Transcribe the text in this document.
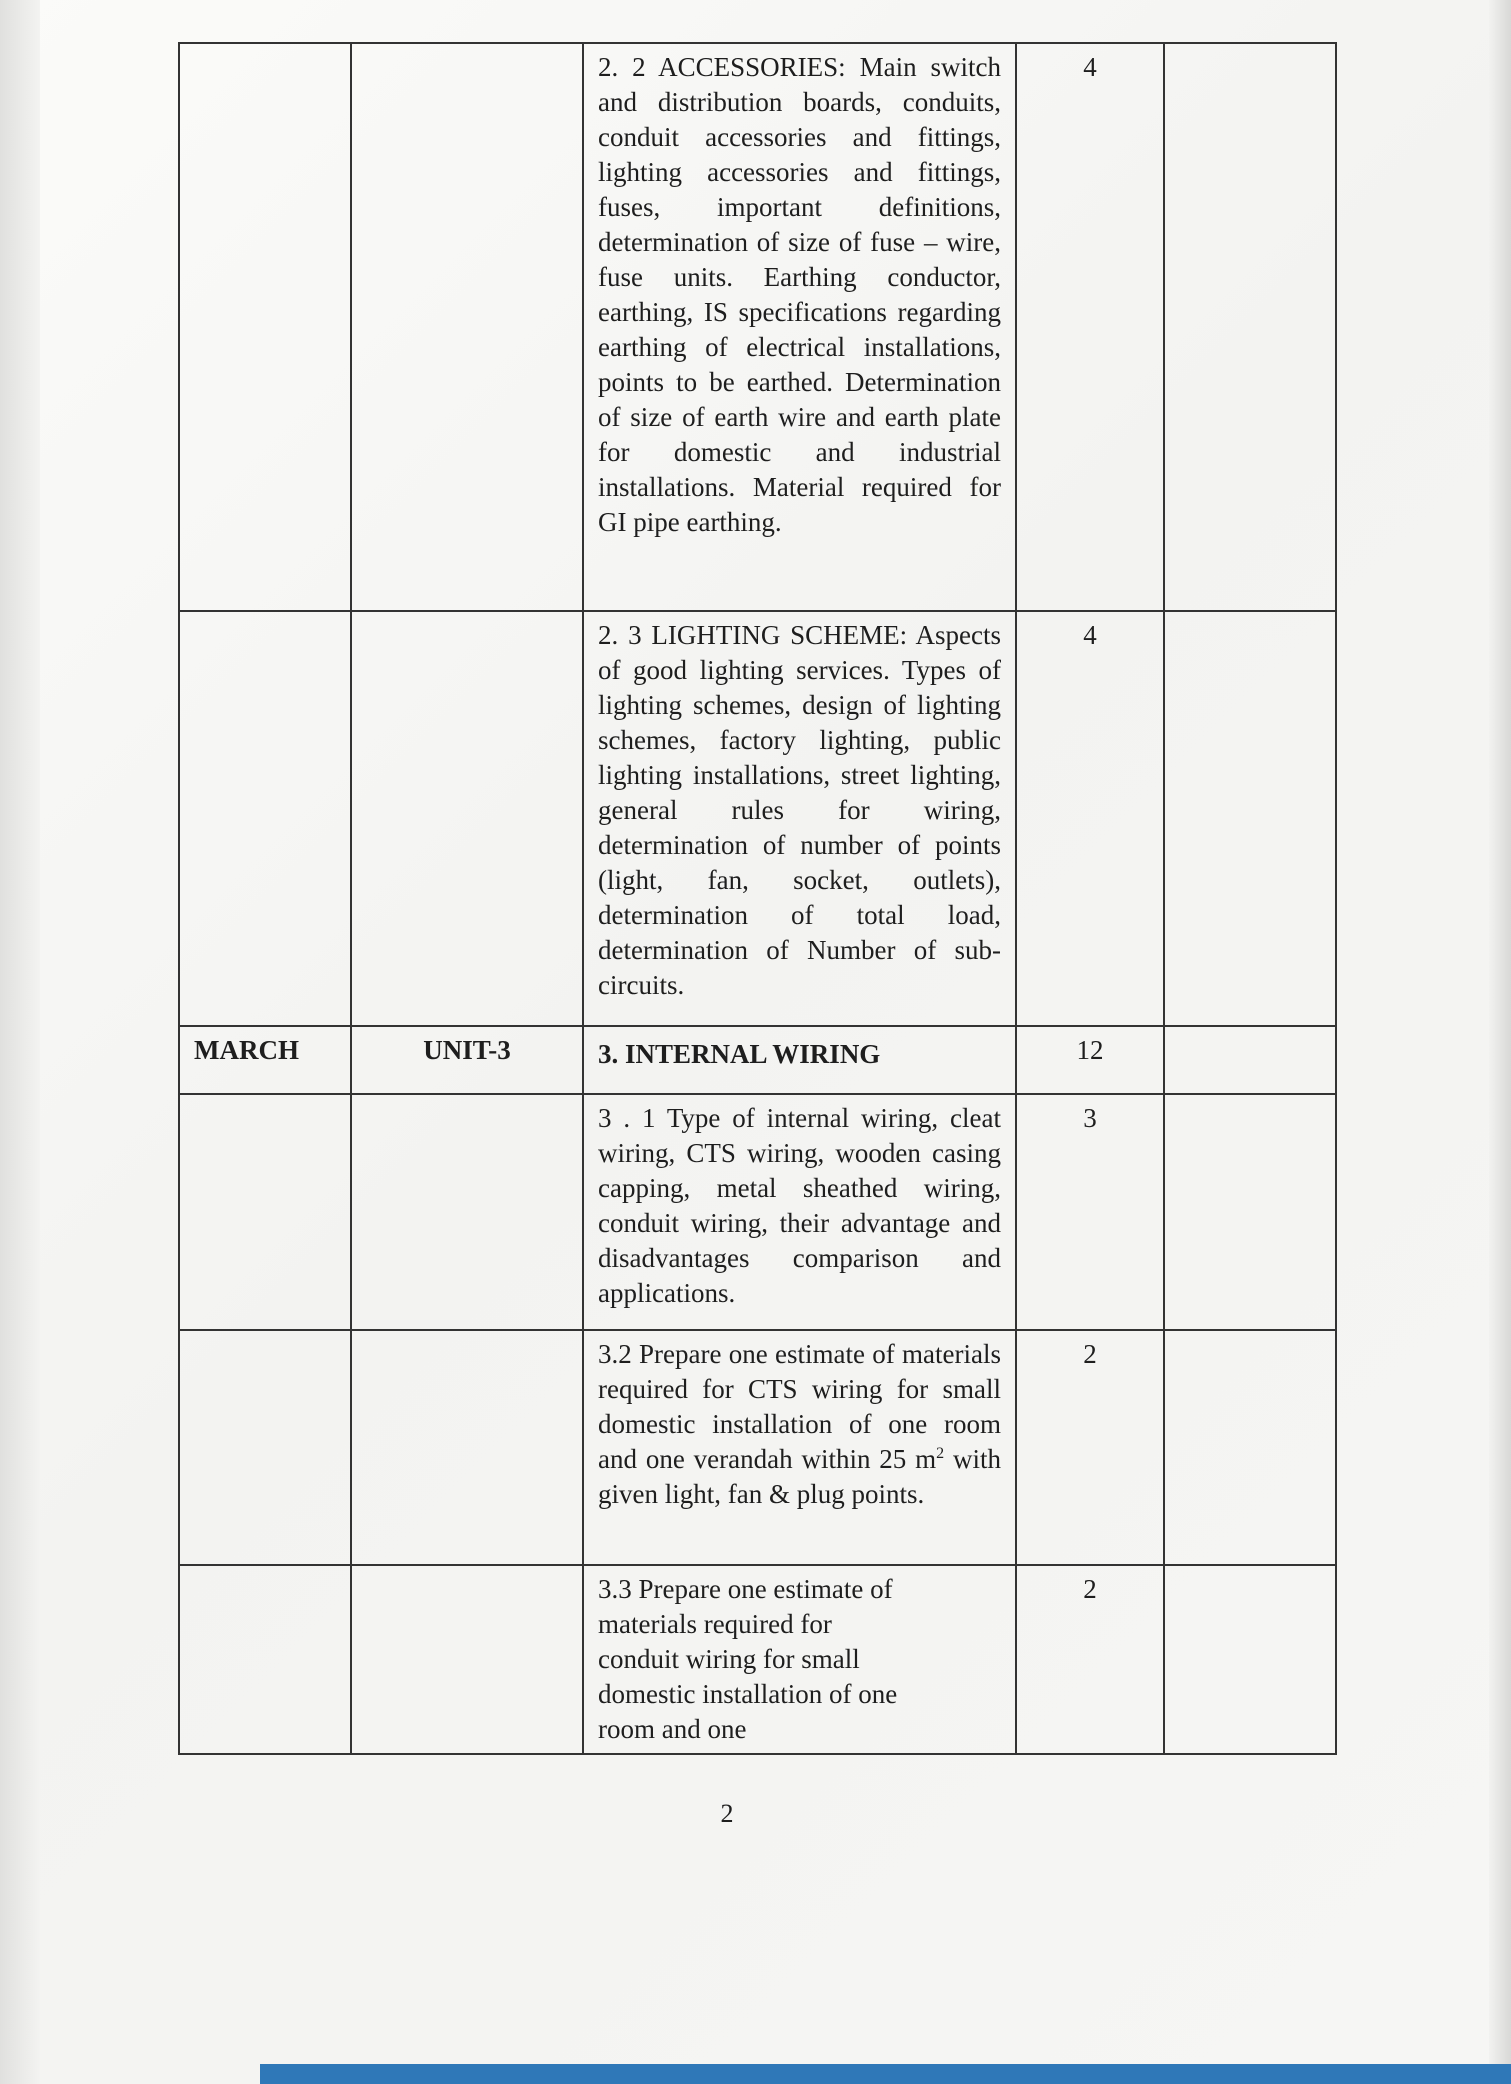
		2. 2 ACCESSORIES: Main switch and distribution boards, conduits, conduit accessories and fittings, lighting accessories and fittings, fuses, important definitions, determination of size of fuse – wire, fuse units. Earthing conductor, earthing, IS specifications regarding earthing of electrical installations, points to be earthed. Determination of size of earth wire and earth plate for domestic and industrial installations. Material required for GI pipe earthing.	4	
		2. 3 LIGHTING SCHEME: Aspects of good lighting services. Types of lighting schemes, design of lighting schemes, factory lighting, public lighting installations, street lighting, general rules for wiring, determination of number of points (light, fan, socket, outlets), determination of total load, determination of Number of sub-circuits.	4	
MARCH	UNIT-3	3. INTERNAL WIRING	12	
		3 . 1 Type of internal wiring, cleat wiring, CTS wiring, wooden casing capping, metal sheathed wiring, conduit wiring, their advantage and disadvantages comparison and applications.	3	
		3.2 Prepare one estimate of materials required for CTS wiring for small domestic installation of one room and one verandah within 25 $m^2$ with given light, fan & plug points.	2	
		3.3 Prepare one estimate of materials required for conduit wiring for small domestic installation of one room and one	2	
2
